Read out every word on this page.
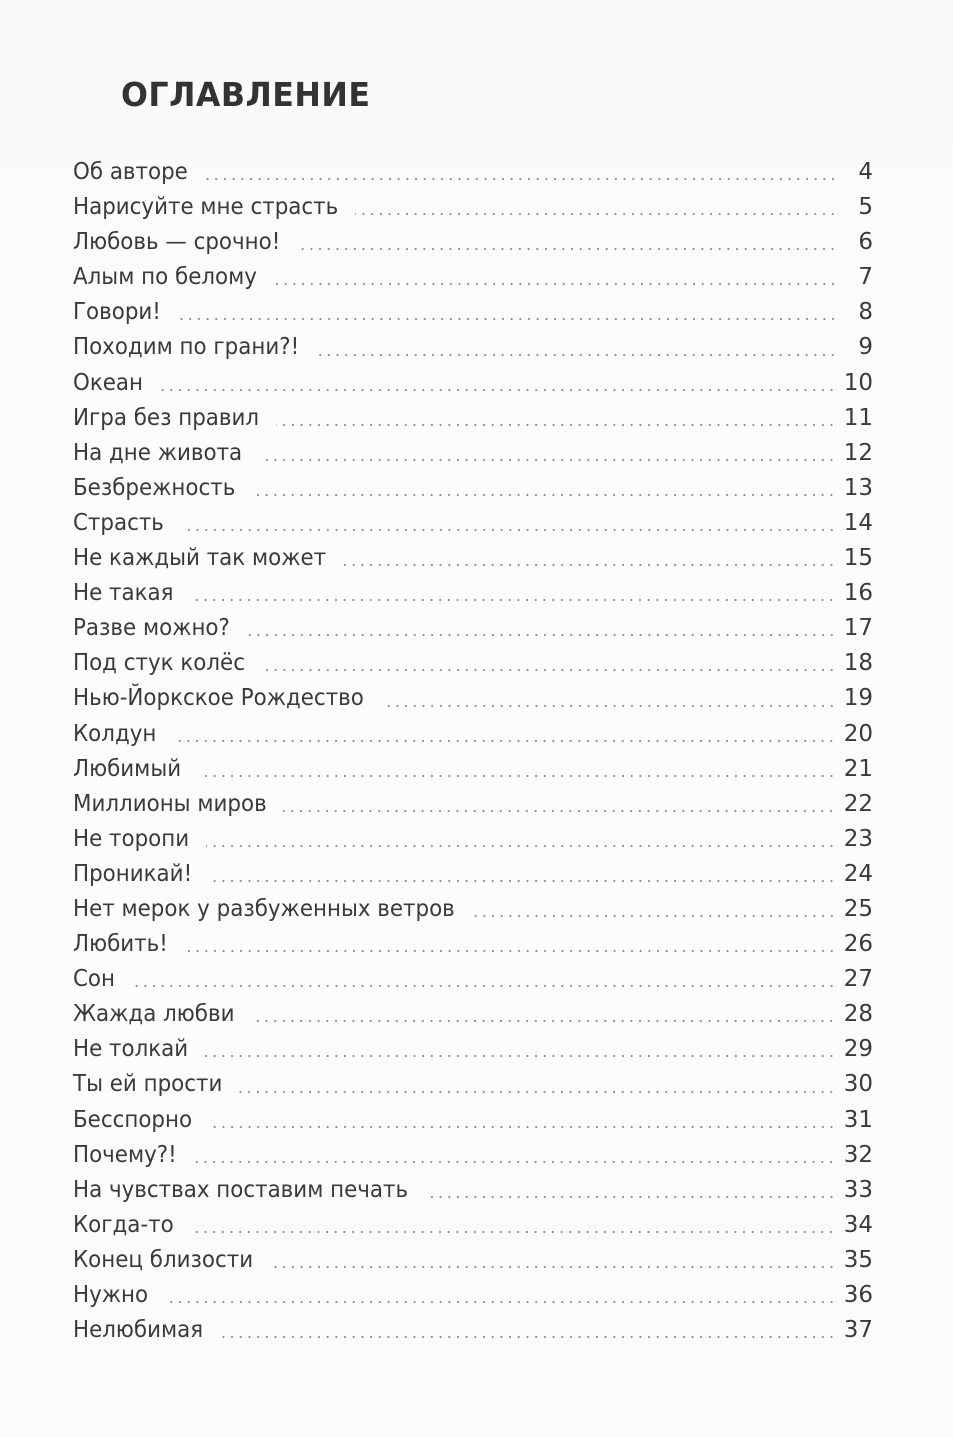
ОГЛАВЛЕНИЕ
Об авторе	4
Нарисуйте мне страсть	5
Любовь — срочно!	6
Алым по белому	7
Говори!	8
Походим по грани?!	9
Океан	10
Игра без правил	11
На дне живота	12
Безбрежность	13
Страсть	14
Не каждый так может	15
Не такая	16
Разве можно?	17
Под стук колёс	18
Нью-Йоркское Рождество	19
Колдун	20
Любимый	21
Миллионы миров	22
Не торопи	23
Проникай!	24
Нет мерок у разбуженных ветров	25
Любить!	26
Сон	27
Жажда любви	28
Не толкай	29
Ты ей прости	30
Бесспорно	31
Почему?!	32
На чувствах поставим печать	33
Когда-то	34
Конец близости	35
Нужно	36
Нелюбимая	37
